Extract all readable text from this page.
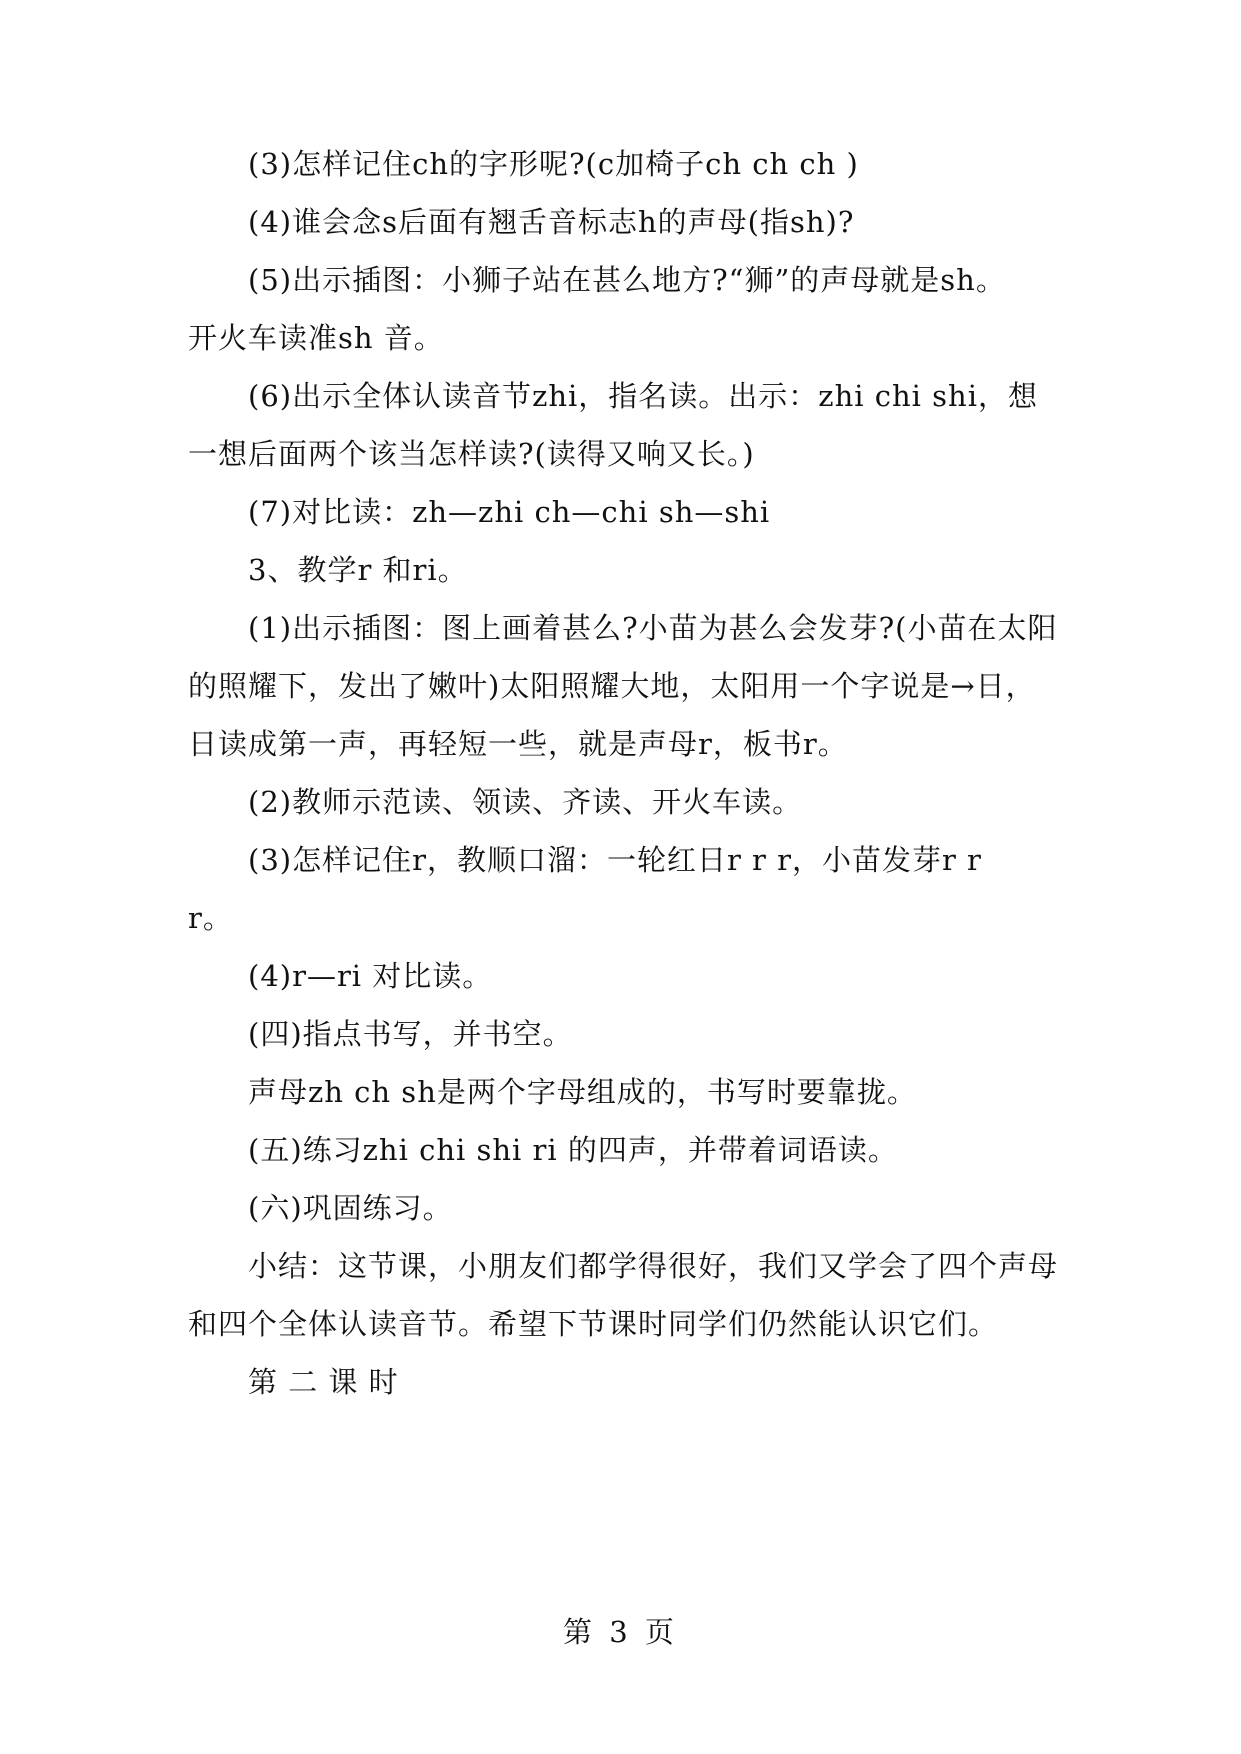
(3)怎样记住ch的字形呢?(c加椅子ch ch ch )
(4)谁会念s后面有翘舌音标志h的声母(指sh)?
(5)出示插图：小狮子站在甚么地方?“狮”的声母就是sh。
开火车读准sh 音。
(6)出示全体认读音节zhi，指名读。出示：zhi chi shi，想
一想后面两个该当怎样读?(读得又响又长。)
(7)对比读：zh—zhi ch—chi sh—shi
3、教学r 和ri。
(1)出示插图：图上画着甚么?小苗为甚么会发芽?(小苗在太阳
的照耀下，发出了嫩叶)太阳照耀大地，太阳用一个字说是→日，
日读成第一声，再轻短一些，就是声母r，板书r。
(2)教师示范读、领读、齐读、开火车读。
(3)怎样记住r，教顺口溜：一轮红日r r r，小苗发芽r r
r。
(4)r—ri 对比读。
(四)指点书写，并书空。
声母zh ch sh是两个字母组成的，书写时要靠拢。
(五)练习zhi chi shi ri 的四声，并带着词语读。
(六)巩固练习。
小结：这节课，小朋友们都学得很好，我们又学会了四个声母
和四个全体认读音节。希望下节课时同学们仍然能认识它们。
第 二 课 时
第 3 页
